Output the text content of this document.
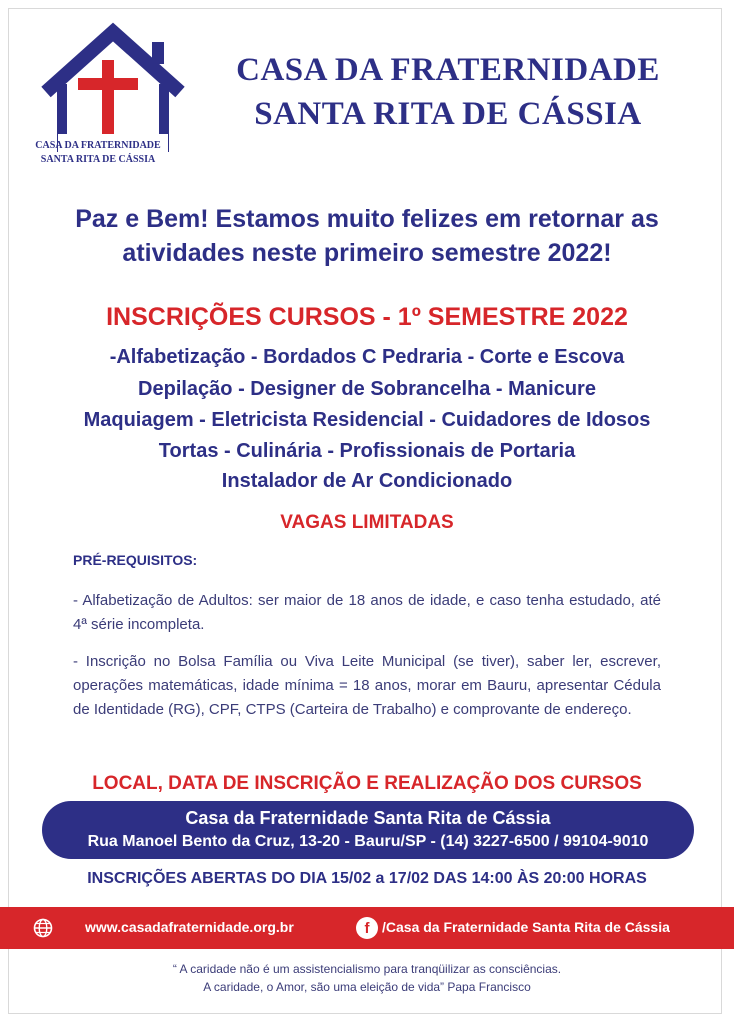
CASA DA FRATERNIDADE
SANTA RITA DE CÁSSIA
CASA DA FRATERNIDADE
SANTA RITA DE CÁSSIA
Paz e Bem! Estamos muito felizes em retornar as
atividades neste primeiro semestre 2022!
INSCRIÇÕES CURSOS - 1º SEMESTRE 2022
-Alfabetização - Bordados C Pedraria - Corte e Escova
Depilação - Designer de Sobrancelha - Manicure
Maquiagem - Eletricista Residencial - Cuidadores de Idosos
Tortas - Culinária - Profissionais de Portaria
Instalador de Ar Condicionado
VAGAS LIMITADAS
PRÉ-REQUISITOS:
- Alfabetização de Adultos: ser maior de 18 anos de idade, e caso tenha estudado, até 4ª série incompleta.
- Inscrição no Bolsa Família ou Viva Leite Municipal (se tiver), saber ler, escrever, operações matemáticas, idade mínima = 18 anos, morar em Bauru, apresentar Cédula de Identidade (RG), CPF, CTPS (Carteira de Trabalho) e comprovante de endereço.
LOCAL, DATA DE INSCRIÇÃO E REALIZAÇÃO DOS CURSOS
Casa da Fraternidade Santa Rita de Cássia
Rua Manoel Bento da Cruz, 13-20 - Bauru/SP - (14) 3227-6500 / 99104-9010
INSCRIÇÕES ABERTAS DO DIA 15/02 a 17/02 DAS 14:00 ÀS 20:00 HORAS
www.casadafraternidade.org.br	f /Casa da Fraternidade Santa Rita de Cássia
“ A caridade não é um assistencialismo para tranqüilizar as consciências.
A caridade, o Amor, são uma eleição de vida” Papa Francisco
